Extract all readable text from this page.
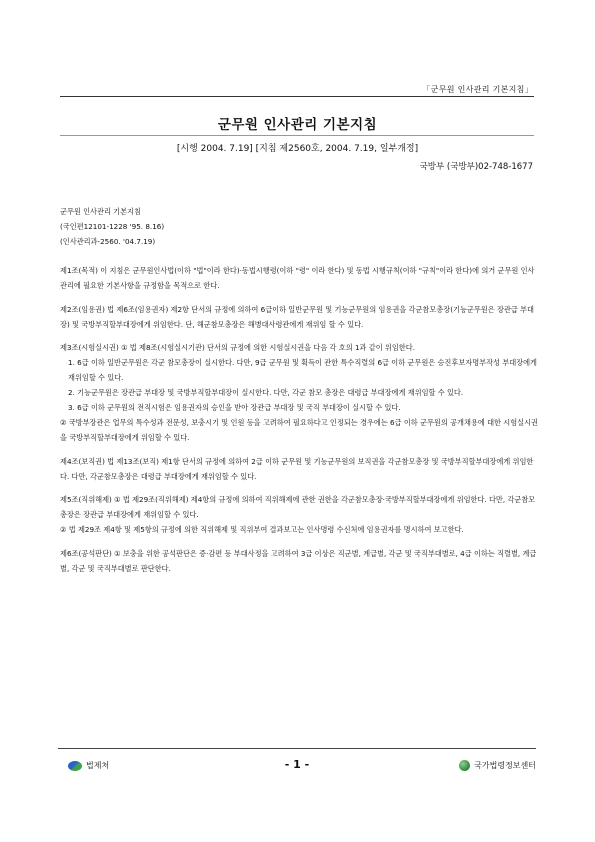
「군무원 인사관리 기본지침」
군무원 인사관리 기본지침
[시행 2004. 7.19] [지침 제2560호, 2004. 7.19, 일부개정]
국방부 (국방부)02-748-1677

군무원 인사관리 기본지침

(국인편12101-1228 '95. 8.16)

(인사관리과-2560. '04.7.19)

제1조(목적) 이 지침은 군무원인사법(이하 "법"이라 한다)·동법시행령(이하 "령" 이라 한다) 및 동법 시행규칙(이하 "규칙"이라 한다)에 의거 군무원 인사관리에 필요한 기본사항을 규정함을 목적으로 한다.

제2조(임용권) 법 제6조(임용권자) 제2항 단서의 규정에 의하여 6급이하 일반군무원 및 기능군무원의 임용권을 각군참모총장(기능군무원은 장관급 부대장) 및 국방부직할부대장에게 위임한다. 단, 해군참모총장은 해병대사령관에게 재위임 할 수 있다.

제3조(시험실시권) ① 법 제8조(시험실시기관) 단서의 규정에 의한 시험실시권을 다음 각 호의 1과 같이 위임한다.

1. 6급 이하 일반군무원은 각군 참모총장이 실시한다. 다만, 9급 군무원 및 획득이 관한 특수직렬의 6급 이하 군무원은 승진후보자명부작성 부대장에게 재위임할 수 있다.

2. 기능군무원은 장관급 부대장 및 국방부직할부대장이 실시한다. 다만, 각군 참모 총장은 대령급 부대장에게 재위임할 수 있다.

3. 6급 이하 군무원의 전직시험은 임용권자의 승인을 받아 장관급 부대장 및 국직 부대장이 실시할 수 있다.

② 국방부장관은 업무의 특수성과 전문성, 보충시기 및 인원 등을 고려하여 필요하다고 인정되는 경우에는 6급 이하 군무원의 공개채용에 대한 시험실시권을 국방부직할부대장에게 위임할 수 있다.

제4조(보직권) 법 제13조(보직) 제1항 단서의 규정에 의하여 2급 이하 군무원 및 기능군무원의 보직권을 각군참모총장 및 국방부직할부대장에게 위임한다. 다만, 각군참모총장은 대령급 부대장에게 재위임할 수 있다.

제5조(직위해제) ① 법 제29조(직위해제) 제4항의 규정에 의하여 직위해제에 관한 권한을 각군참모총장·국방부직할부대장에게 위임한다. 다만, 각군참모총장은 장관급 부대장에게 재위임할 수 있다.

② 법 제29조 제4항 및 제5항의 규정에 의한 직위해제 및 직위부여 결과보고는 인사명령 수신처에 임용권자를 명시하여 보고한다.

제6조(공석판단) ① 보충을 위한 공석판단은 증·감편 등 부대사정을 고려하여 3급 이상은 직군별, 계급별, 각군 및 국직부대별로, 4급 이하는 직렬별, 계급별, 각군 및 국직부대별로 판단한다.

법제처	- 1 -	국가법령정보센터
